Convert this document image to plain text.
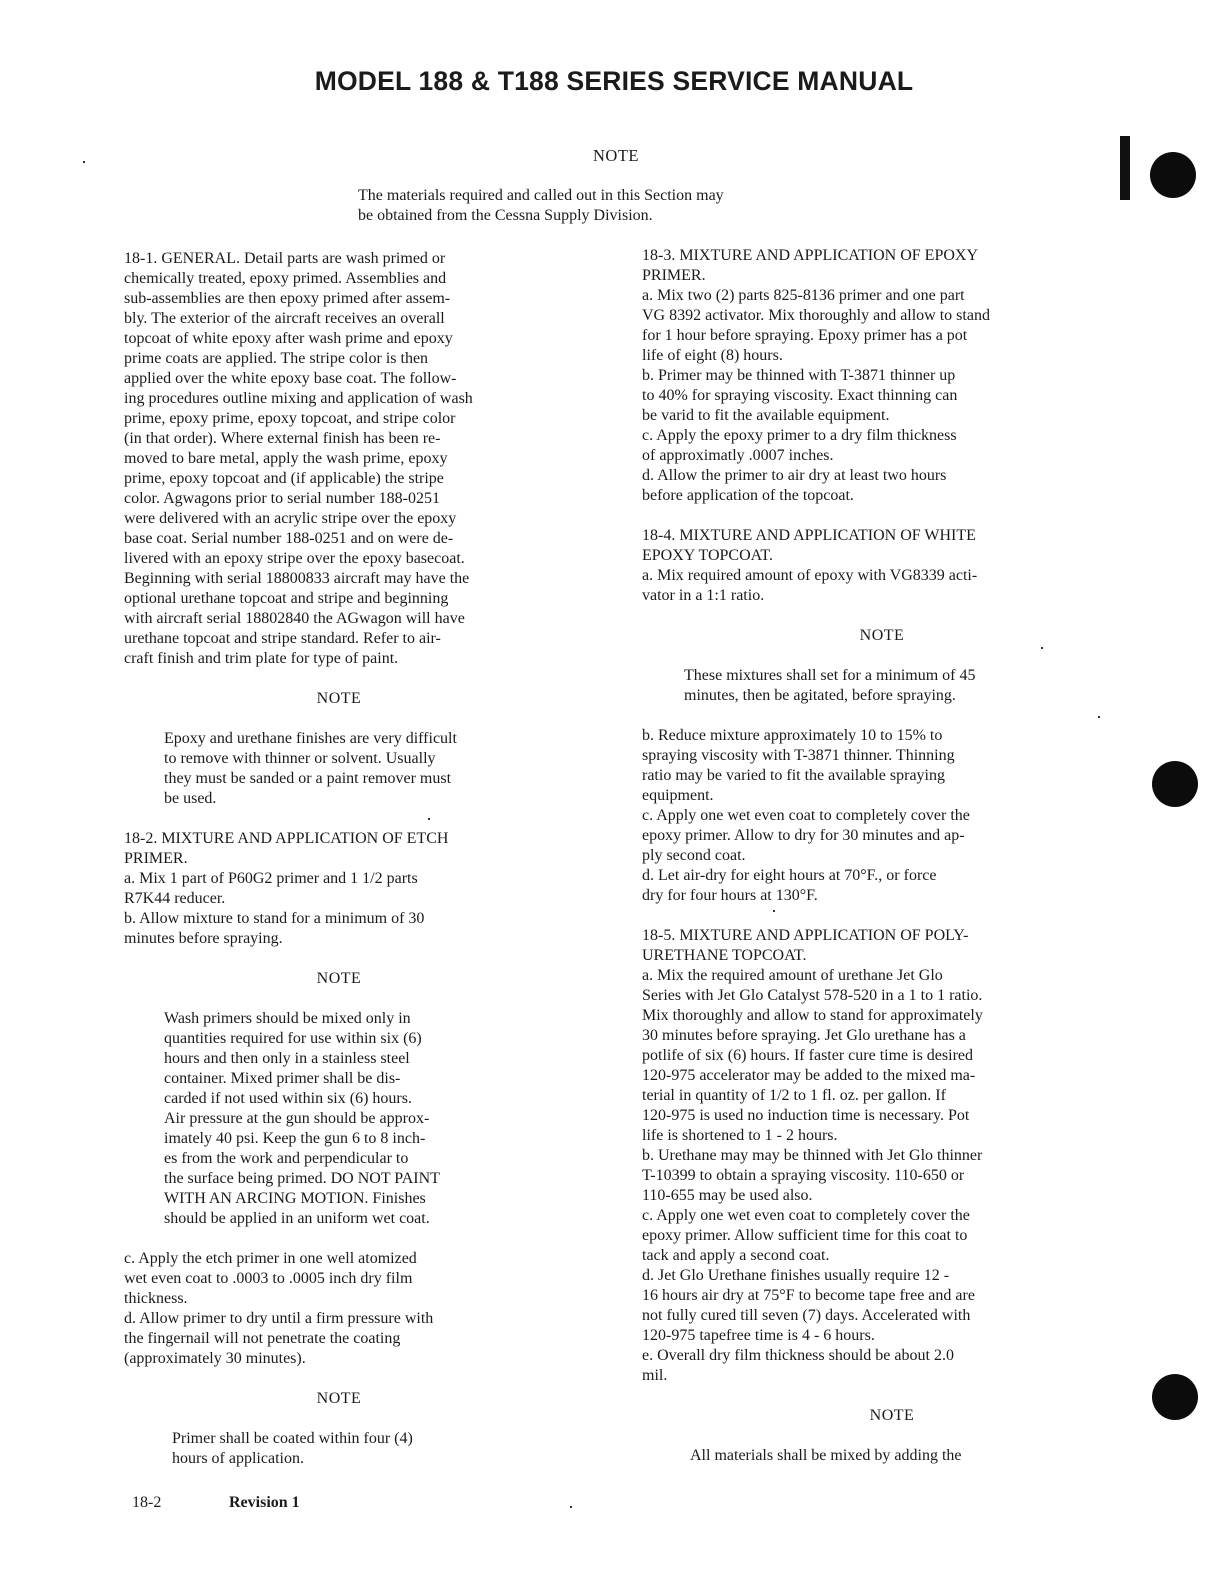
MODEL 188 & T188 SERIES SERVICE MANUAL
NOTE
The materials required and called out in this Section may
be obtained from the Cessna Supply Division.

18-1. GENERAL. Detail parts are wash primed or

chemically treated, epoxy primed. Assemblies and

sub-assemblies are then epoxy primed after assem-

bly. The exterior of the aircraft receives an overall

topcoat of white epoxy after wash prime and epoxy

prime coats are applied. The stripe color is then

applied over the white epoxy base coat. The follow-

ing procedures outline mixing and application of wash

prime, epoxy prime, epoxy topcoat, and stripe color

(in that order). Where external finish has been re-

moved to bare metal, apply the wash prime, epoxy

prime, epoxy topcoat and (if applicable) the stripe

color. Agwagons prior to serial number 188-0251

were delivered with an acrylic stripe over the epoxy

base coat. Serial number 188-0251 and on were de-

livered with an epoxy stripe over the epoxy basecoat.

Beginning with serial 18800833 aircraft may have the

optional urethane topcoat and stripe and beginning

with aircraft serial 18802840 the AGwagon will have

urethane topcoat and stripe standard. Refer to air-

craft finish and trim plate for type of paint.

NOTE

Epoxy and urethane finishes are very difficult

to remove with thinner or solvent. Usually

they must be sanded or a paint remover must

be used.

18-2. MIXTURE AND APPLICATION OF ETCH

PRIMER.

a. Mix 1 part of P60G2 primer and 1 1/2 parts

R7K44 reducer.

b. Allow mixture to stand for a minimum of 30

minutes before spraying.

NOTE

Wash primers should be mixed only in

quantities required for use within six (6)

hours and then only in a stainless steel

container. Mixed primer shall be dis-

carded if not used within six (6) hours.

Air pressure at the gun should be approx-

imately 40 psi. Keep the gun 6 to 8 inch-

es from the work and perpendicular to

the surface being primed. DO NOT PAINT

WITH AN ARCING MOTION. Finishes

should be applied in an uniform wet coat.

c. Apply the etch primer in one well atomized

wet even coat to .0003 to .0005 inch dry film

thickness.

d. Allow primer to dry until a firm pressure with

the fingernail will not penetrate the coating

(approximately 30 minutes).

NOTE

Primer shall be coated within four (4)

hours of application.

18-3. MIXTURE AND APPLICATION OF EPOXY

PRIMER.

a. Mix two (2) parts 825-8136 primer and one part

VG 8392 activator. Mix thoroughly and allow to stand

for 1 hour before spraying. Epoxy primer has a pot

life of eight (8) hours.

b. Primer may be thinned with T-3871 thinner up

to 40% for spraying viscosity. Exact thinning can

be varid to fit the available equipment.

c. Apply the epoxy primer to a dry film thickness

of approximatly .0007 inches.

d. Allow the primer to air dry at least two hours

before application of the topcoat.

18-4. MIXTURE AND APPLICATION OF WHITE

EPOXY TOPCOAT.

a. Mix required amount of epoxy with VG8339 acti-

vator in a 1:1 ratio.

NOTE

These mixtures shall set for a minimum of 45

minutes, then be agitated, before spraying.

b. Reduce mixture approximately 10 to 15% to

spraying viscosity with T-3871 thinner. Thinning

ratio may be varied to fit the available spraying

equipment.

c. Apply one wet even coat to completely cover the

epoxy primer. Allow to dry for 30 minutes and ap-

ply second coat.

d. Let air-dry for eight hours at 70°F., or force

dry for four hours at 130°F.

18-5. MIXTURE AND APPLICATION OF POLY-

URETHANE TOPCOAT.

a. Mix the required amount of urethane Jet Glo

Series with Jet Glo Catalyst 578-520 in a 1 to 1 ratio.

Mix thoroughly and allow to stand for approximately

30 minutes before spraying. Jet Glo urethane has a

potlife of six (6) hours. If faster cure time is desired

120-975 accelerator may be added to the mixed ma-

terial in quantity of 1/2 to 1 fl. oz. per gallon. If

120-975 is used no induction time is necessary. Pot

life is shortened to 1 - 2 hours.

b. Urethane may may be thinned with Jet Glo thinner

T-10399 to obtain a spraying viscosity. 110-650 or

110-655 may be used also.

c. Apply one wet even coat to completely cover the

epoxy primer. Allow sufficient time for this coat to

tack and apply a second coat.

d. Jet Glo Urethane finishes usually require 12 -

16 hours air dry at 75°F to become tape free and are

not fully cured till seven (7) days. Accelerated with

120-975 tapefree time is 4 - 6 hours.

e. Overall dry film thickness should be about 2.0

mil.

NOTE

All materials shall be mixed by adding the

18-2	Revision 1
